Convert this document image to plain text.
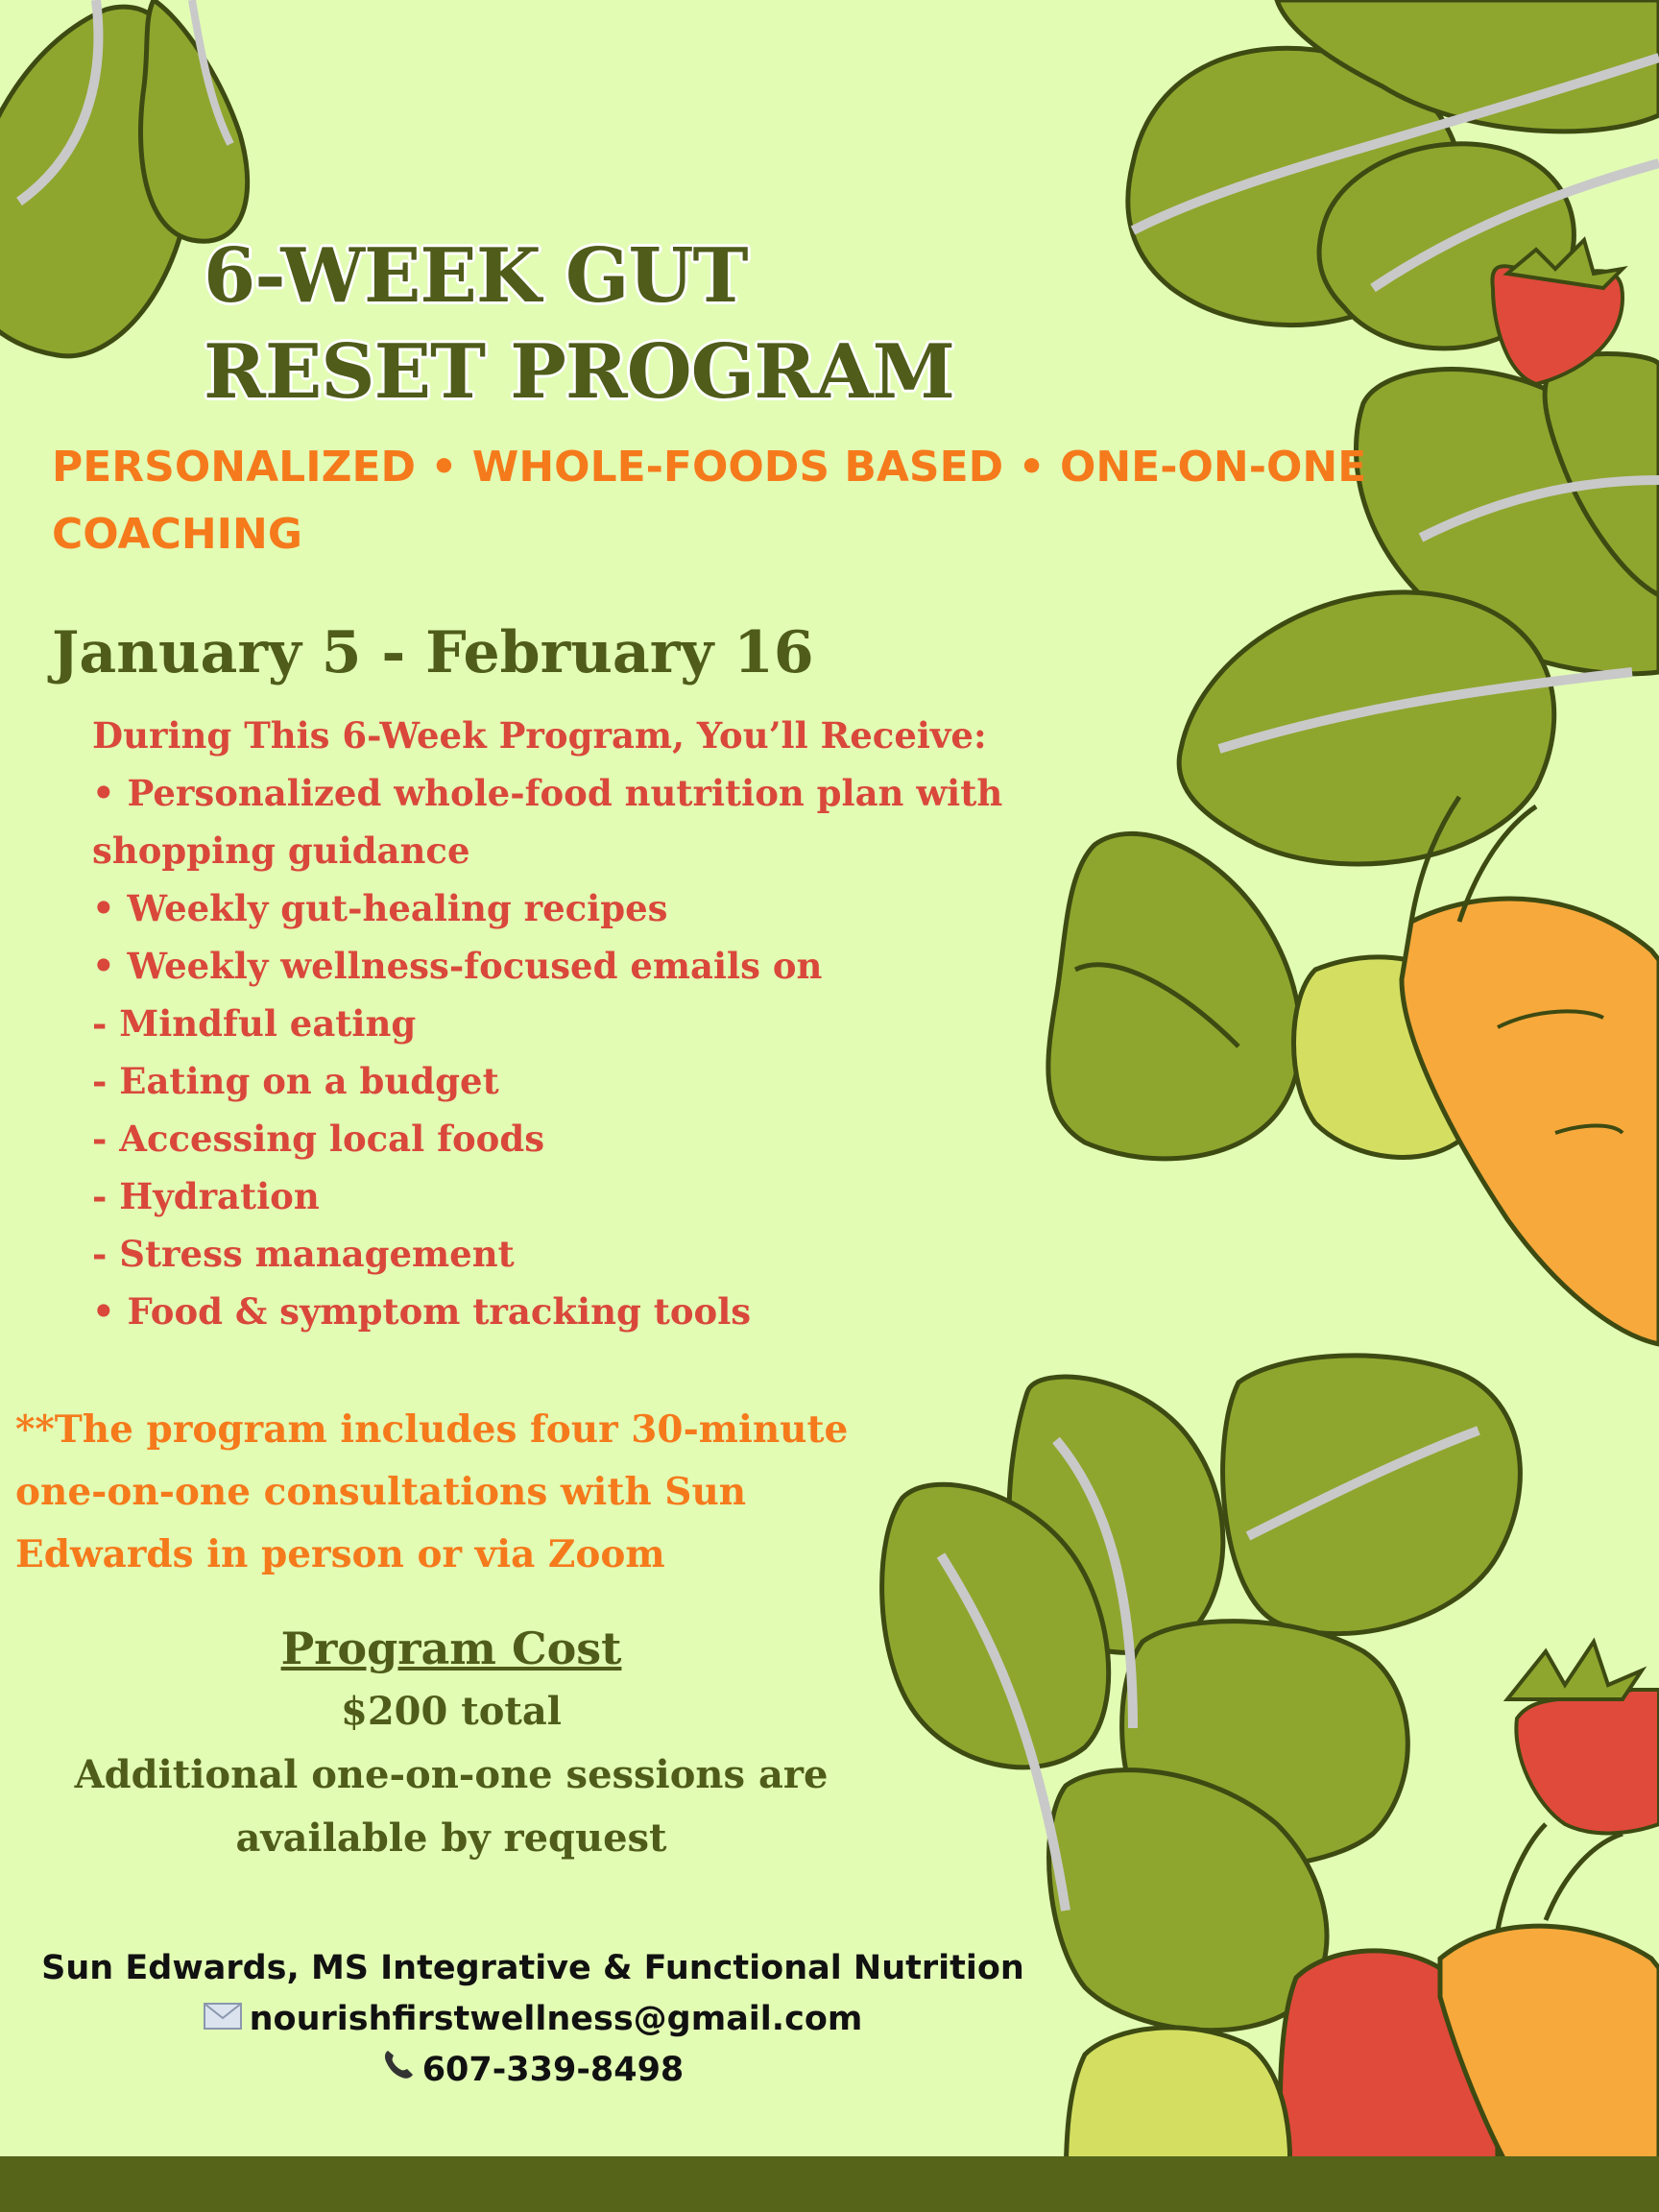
6-WEEK GUT
RESET PROGRAM

PERSONALIZED • WHOLE-FOODS BASED • ONE-ON-ONE COACHING

January 5 - February 16

During This 6-Week Program, You’ll Receive:
• Personalized whole-food nutrition plan with shopping guidance
• Weekly gut-healing recipes
• Weekly wellness-focused emails on
- Mindful eating
- Eating on a budget
- Accessing local foods
- Hydration
- Stress management
• Food & symptom tracking tools

**The program includes four 30-minute one-on-one consultations with Sun Edwards in person or via Zoom

Program Cost
$200 total
Additional one-on-one sessions are available by request
Sun Edwards, MS Integrative & Functional Nutrition
nourishfirstwellness@gmail.com
607-339-8498
